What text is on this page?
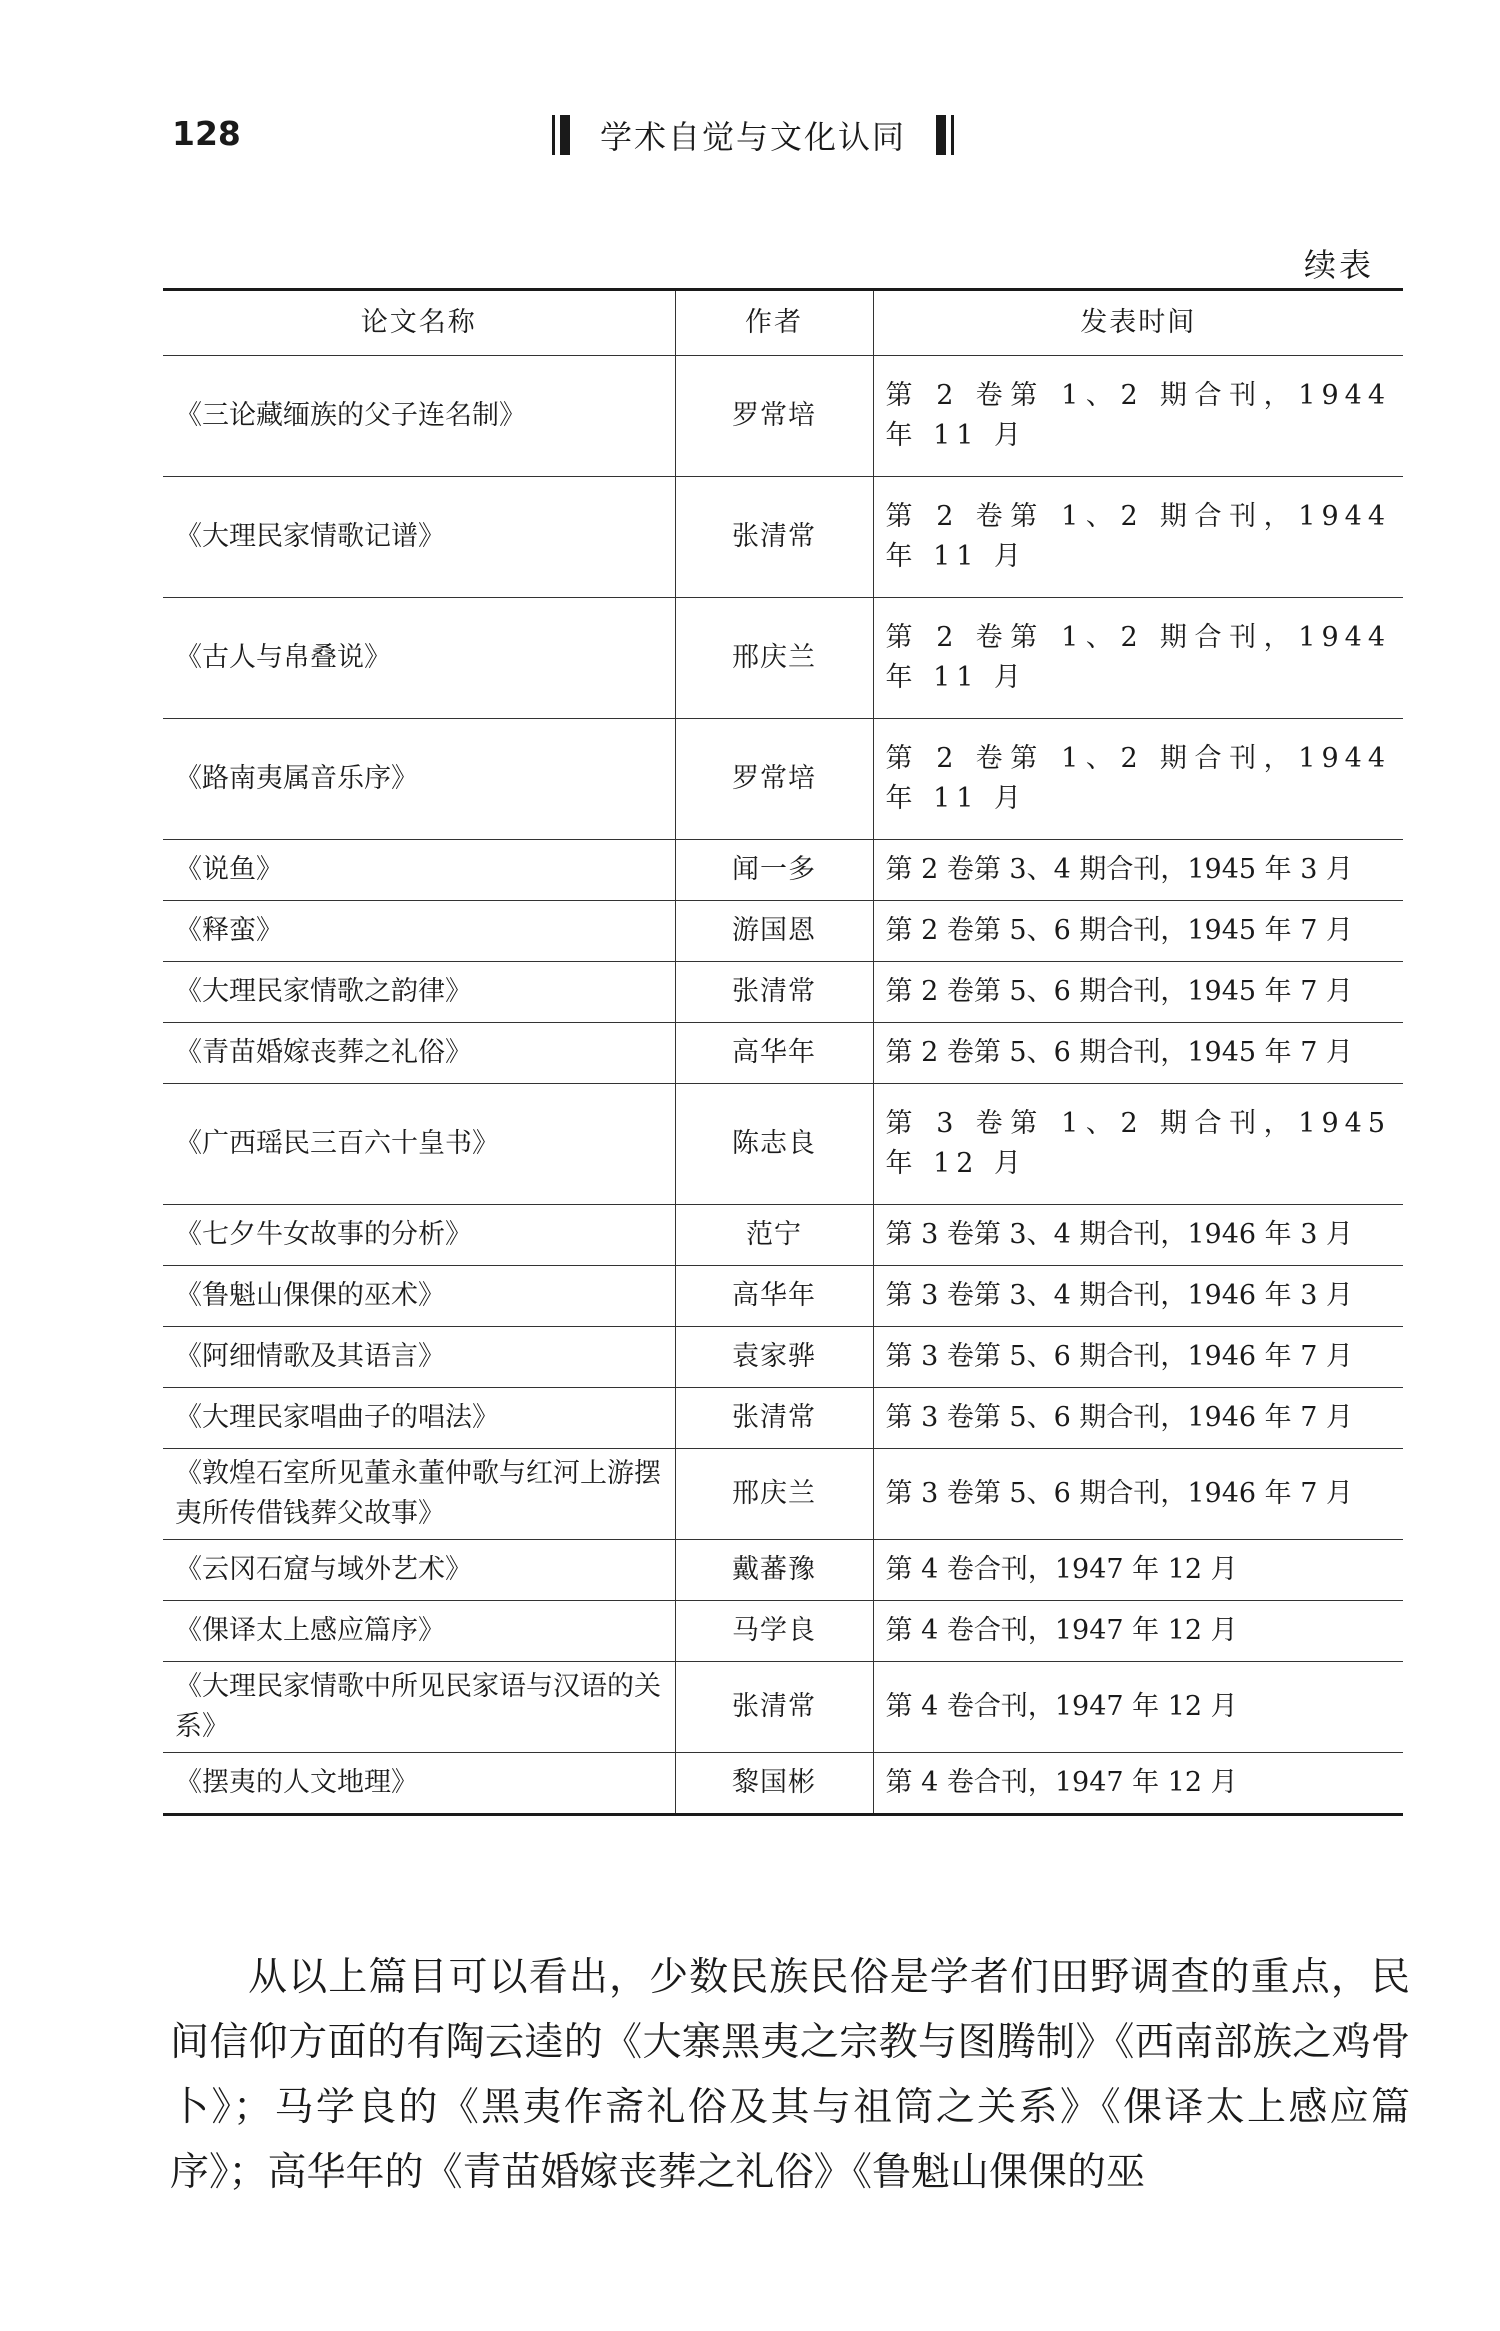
128	学术自觉与文化认同
续表
论文名称	作者	发表时间
《三论藏缅族的父子连名制》	罗常培	第 2 卷第 1、2 期合刊，1944 年 11 月
《大理民家情歌记谱》	张清常	第 2 卷第 1、2 期合刊，1944 年 11 月
《古人与帛叠说》	邢庆兰	第 2 卷第 1、2 期合刊，1944 年 11 月
《路南夷属音乐序》	罗常培	第 2 卷第 1、2 期合刊，1944 年 11 月
《说鱼》	闻一多	第 2 卷第 3、4 期合刊，1945 年 3 月
《释蛮》	游国恩	第 2 卷第 5、6 期合刊，1945 年 7 月
《大理民家情歌之韵律》	张清常	第 2 卷第 5、6 期合刊，1945 年 7 月
《青苗婚嫁丧葬之礼俗》	高华年	第 2 卷第 5、6 期合刊，1945 年 7 月
《广西瑶民三百六十皇书》	陈志良	第 3 卷第 1、2 期合刊，1945 年 12 月
《七夕牛女故事的分析》	范宁	第 3 卷第 3、4 期合刊，1946 年 3 月
《鲁魁山倮倮的巫术》	高华年	第 3 卷第 3、4 期合刊，1946 年 3 月
《阿细情歌及其语言》	袁家骅	第 3 卷第 5、6 期合刊，1946 年 7 月
《大理民家唱曲子的唱法》	张清常	第 3 卷第 5、6 期合刊，1946 年 7 月
《敦煌石室所见董永董仲歌与红河上游摆夷所传借钱葬父故事》	邢庆兰	第 3 卷第 5、6 期合刊，1946 年 7 月
《云冈石窟与域外艺术》	戴蕃豫	第 4 卷合刊，1947 年 12 月
《倮译太上感应篇序》	马学良	第 4 卷合刊，1947 年 12 月
《大理民家情歌中所见民家语与汉语的关系》	张清常	第 4 卷合刊，1947 年 12 月
《摆夷的人文地理》	黎国彬	第 4 卷合刊，1947 年 12 月

从以上篇目可以看出，少数民族民俗是学者们田野调查的重点，民间信仰方面的有陶云逵的《大寨黑夷之宗教与图腾制》《西南部族之鸡骨卜》；马学良的《黑夷作斋礼俗及其与祖筒之关系》《倮译太上感应篇序》；高华年的《青苗婚嫁丧葬之礼俗》《鲁魁山倮倮的巫
